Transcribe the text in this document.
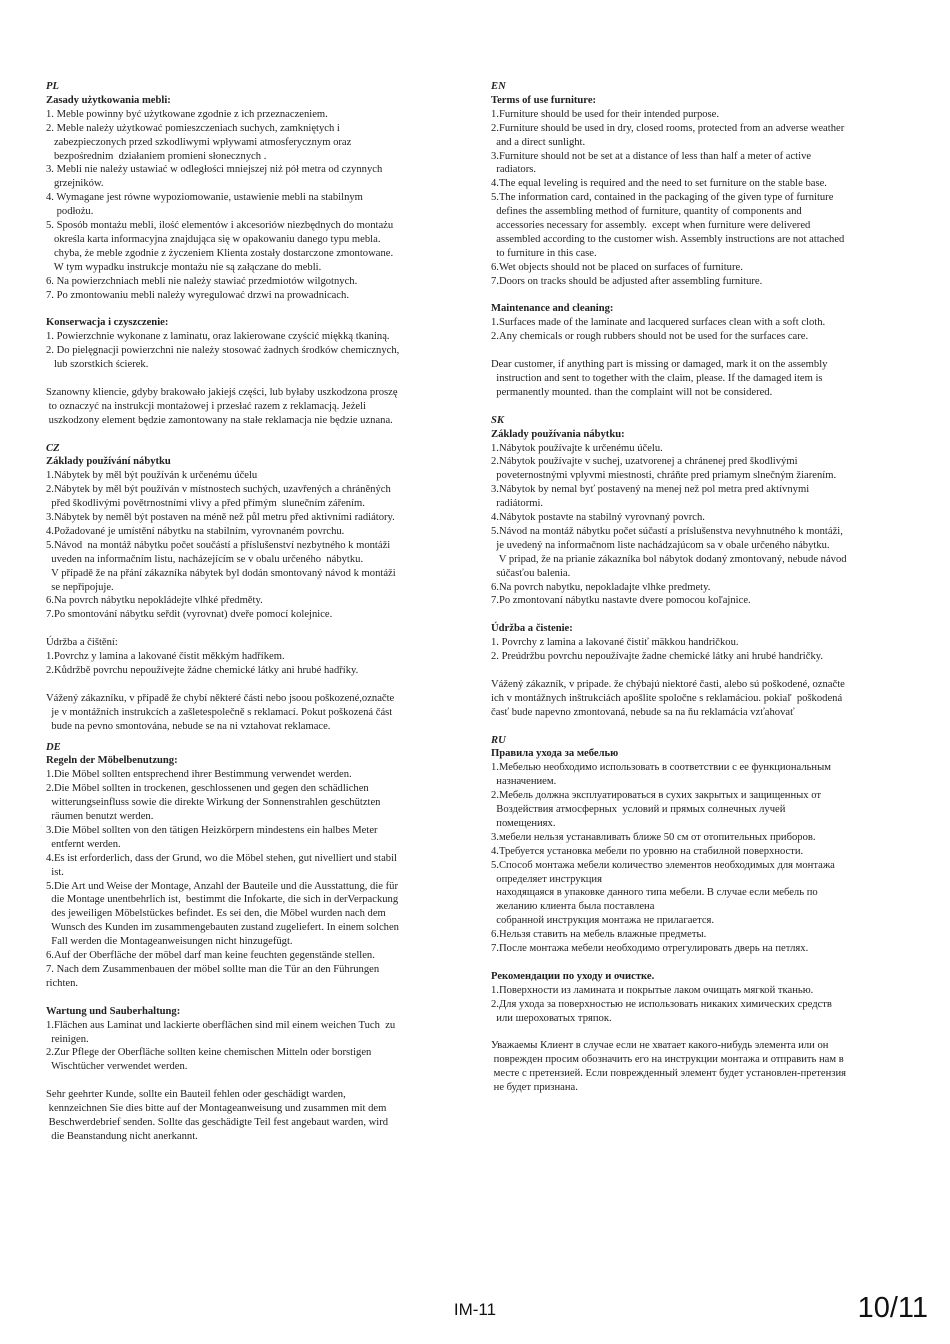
PL

Zasady użytkowania mebli:

1. Meble powinny być użytkowane zgodnie z ich przeznaczeniem.

2. Meble należy użytkować pomieszczeniach suchych, zamkniętych i

zabezpieczonych przed szkodliwymi wpływami atmosferycznym oraz

bezpośrednim  działaniem promieni słonecznych .

3. Mebli nie należy ustawiać w odległości mniejszej niż pół metra od czynnych

grzejników.

4. Wymagane jest równe wypoziomowanie, ustawienie mebli na stabilnym

podłożu.

5. Sposób montażu mebli, ilość elementów i akcesoriów niezbędnych do montażu

określa karta informacyjna znajdująca się w opakowaniu danego typu mebla.

chyba, że meble zgodnie z życzeniem Klienta zostały dostarczone zmontowane.

W tym wypadku instrukcje montażu nie są załączane do mebli.

6. Na powierzchniach mebli nie należy stawiać przedmiotów wilgotnych.

7. Po zmontowaniu mebli należy wyregulować drzwi na prowadnicach.

Konserwacja i czyszczenie:

1. Powierzchnie wykonane z laminatu, oraz lakierowane czyścić miękką tkaniną.

2. Do pielęgnacji powierzchni nie należy stosować żadnych środków chemicznych,

lub szorstkich ścierek.

Szanowny kliencie, gdyby brakowało jakiejś części, lub byłaby uszkodzona proszę

to oznaczyć na instrukcji montażowej i przesłać razem z reklamacją. Jeżeli

uszkodzony element będzie zamontowany na stałe reklamacja nie będzie uznana.

CZ

Základy používání nábytku

1.Nábytek by měl být používán k určenému účelu

2.Nábytek by měl být používán v místnostech suchých, uzavřených a chráněných

před škodlivými povětrnostními vlivy a před přímým  slunečním zářením.

3.Nábytek by neměl být postaven na méně než půl metru před aktivními radiátory.

4.Požadované je umístění nábytku na stabilním, vyrovnaném povrchu.

5.Návod  na montáž nábytku počet součástí a příslušenství nezbytného k montáži

uveden na informačním listu, nacházejícím se v obalu určeného  nábytku.

V případě že na přání zákazníka nábytek byl dodán smontovaný návod k montáži

se nepřipojuje.

6.Na povrch nábytku nepokládejte vlhké předměty.

7.Po smontování nábytku seřdit (vyrovnat) dveře pomocí kolejnice.

Údržba a čištění:

1.Povrchz y lamina a lakované čistit měkkým hadříkem.

2.Kůdržbě povrchu nepoužívejte žádne chemické látky ani hrubé hadříky.

Vážený zákazníku, v případě že chybí některé části nebo jsoou poškozené,označte

je v montážních instrukcích a zašletespolečně s reklamací. Pokut poškozená část

bude na pevno smontována, nebude se na ni vztahovat reklamace.

DE

Regeln der Möbelbenutzung:

1.Die Möbel sollten entsprechend ihrer Bestimmung verwendet werden.

2.Die Möbel sollten in trockenen, geschlossenen und gegen den schädlichen

witterungseinfluss sowie die direkte Wirkung der Sonnenstrahlen geschützten

räumen benutzt werden.

3.Die Möbel sollten von den tätigen Heizkörpern mindestens ein halbes Meter

entfernt werden.

4.Es ist erforderlich, dass der Grund, wo die Möbel stehen, gut nivelliert und stabil

ist.

5.Die Art und Weise der Montage, Anzahl der Bauteile und die Ausstattung, die für

die Montage unentbehrlich ist,  bestimmt die Infokarte, die sich in derVerpackung

des jeweiligen Möbelstückes befindet. Es sei den, die Möbel wurden nach dem

Wunsch des Kunden im zusammengebauten zustand zugeliefert. In einem solchen

Fall werden die Montageanweisungen nicht hinzugefügt.

6.Auf der Oberfläche der möbel darf man keine feuchten gegenstände stellen.

7. Nach dem Zusammenbauen der möbel sollte man die Tür an den Führungen

richten.

Wartung und Sauberhaltung:

1.Flächen aus Laminat und lackierte oberflächen sind mil einem weichen Tuch  zu

reinigen.

2.Zur Pflege der Oberfläche sollten keine chemischen Mitteln oder borstigen

Wischtücher verwendet werden.

Sehr geehrter Kunde, sollte ein Bauteil fehlen oder geschädigt warden,

kennzeichnen Sie dies bitte auf der Montageanweisung und zusammen mit dem

Beschwerdebrief senden. Sollte das geschädigte Teil fest angebaut warden, wird

die Beanstandung nicht anerkannt.

EN

Terms of use furniture:

1.Furniture should be used for their intended purpose.

2.Furniture should be used in dry, closed rooms, protected from an adverse weather

and a direct sunlight.

3.Furniture should not be set at a distance of less than half a meter of active

radiators.

4.The equal leveling is required and the need to set furniture on the stable base.

5.The information card, contained in the packaging of the given type of furniture

defines the assembling method of furniture, quantity of components and

accessories necessary for assembly.  except when furniture were delivered

assembled according to the customer wish. Assembly instructions are not attached

to furniture in this case.

6.Wet objects should not be placed on surfaces of furniture.

7.Doors on tracks should be adjusted after assembling furniture.

Maintenance and cleaning:

1.Surfaces made of the laminate and lacquered surfaces clean with a soft cloth.

2.Any chemicals or rough rubbers should not be used for the surfaces care.

Dear customer, if anything part is missing or damaged, mark it on the assembly

instruction and sent to together with the claim, please. If the damaged item is

permanently mounted. than the complaint will not be considered.

SK

Základy používania nábytku:

1.Nábytok používajte k určenému účelu.

2.Nábytok používajte v suchej, uzatvorenej a chránenej pred škodlivými

poveternostnými vplyvmi miestnosti, chráňte pred priamym slnečným žiarením.

3.Nábytok by nemal byť postavený na menej než pol metra pred aktívnymi

radiátormi.

4.Nábytok postavte na stabilný vyrovnaný povrch.

5.Návod na montáž nábytku počet súčastí a príslušenstva nevyhnutného k montáži,

je uvedený na informačnom liste nachádzajúcom sa v obale určeného nábytku.

V pripad, že na prianie zákazníka bol nábytok dodaný zmontovaný, nebude návod

súčasťou balenia.

6.Na povrch nabytku, nepokladajte vlhke predmety.

7.Po zmontovaní nábytku nastavte dvere pomocou koľajnice.

Údržba a čistenie:

1. Povrchy z lamina a lakované čistiť mäkkou handričkou.

2. Preúdržbu povrchu nepoužívajte žadne chemické látky ani hrubé handričky.

Vážený zákazník, v pripade. že chýbajú niektoré časti, alebo sú poškodené, označte

ich v montážnych inštrukciách apošlite spoločne s reklamáciou. pokiaľ  poškodená

časť bude napevno zmontovaná, nebude sa na ňu reklamácia vzťahovať

RU

Правила ухода за мебелью

1.Мебелью необходимо использовать в соответствии с ее функциональным

назначением.

2.Мебель должна эксплуатироваться в сухих закрытых и защищенных от

Воздействия атмосферных  условий и прямых солнечных лучей

помещениях.

3.мебели нельзя устанавливать ближе 50 см от отопительных приборов.

4.Требуется установка мебели по уровню на стабилной поверхности.

5.Способ монтажа мебели количество элементов необходимых для монтажа

определяет инструкция

находящаяся в упаковке данного типа мебели. В случае если мебель по

желанию клиента была поставлена

собранной инструкция монтажа не прилагается.

6.Нельзя ставить на мебель влажные предметы.

7.После монтажа мебели необходимо отрегулировать дверь на петлях.

Рекомендации по уходу и очистке.

1.Поверхности из ламината и покрытые лаком очищать мягкой тканью.

2.Для ухода за поверхностью не использовать никаких химических средств

или шероховатых тряпок.

Уважаемы Клиент в случае если не хватает какого-нибудь элемента или он

поврежден просим обозначить его на инструкции монтажа и отправить нам в

месте с претензией. Если поврежденный элемент будет установлен-претензия

не будет признана.

IM-11	10/11
